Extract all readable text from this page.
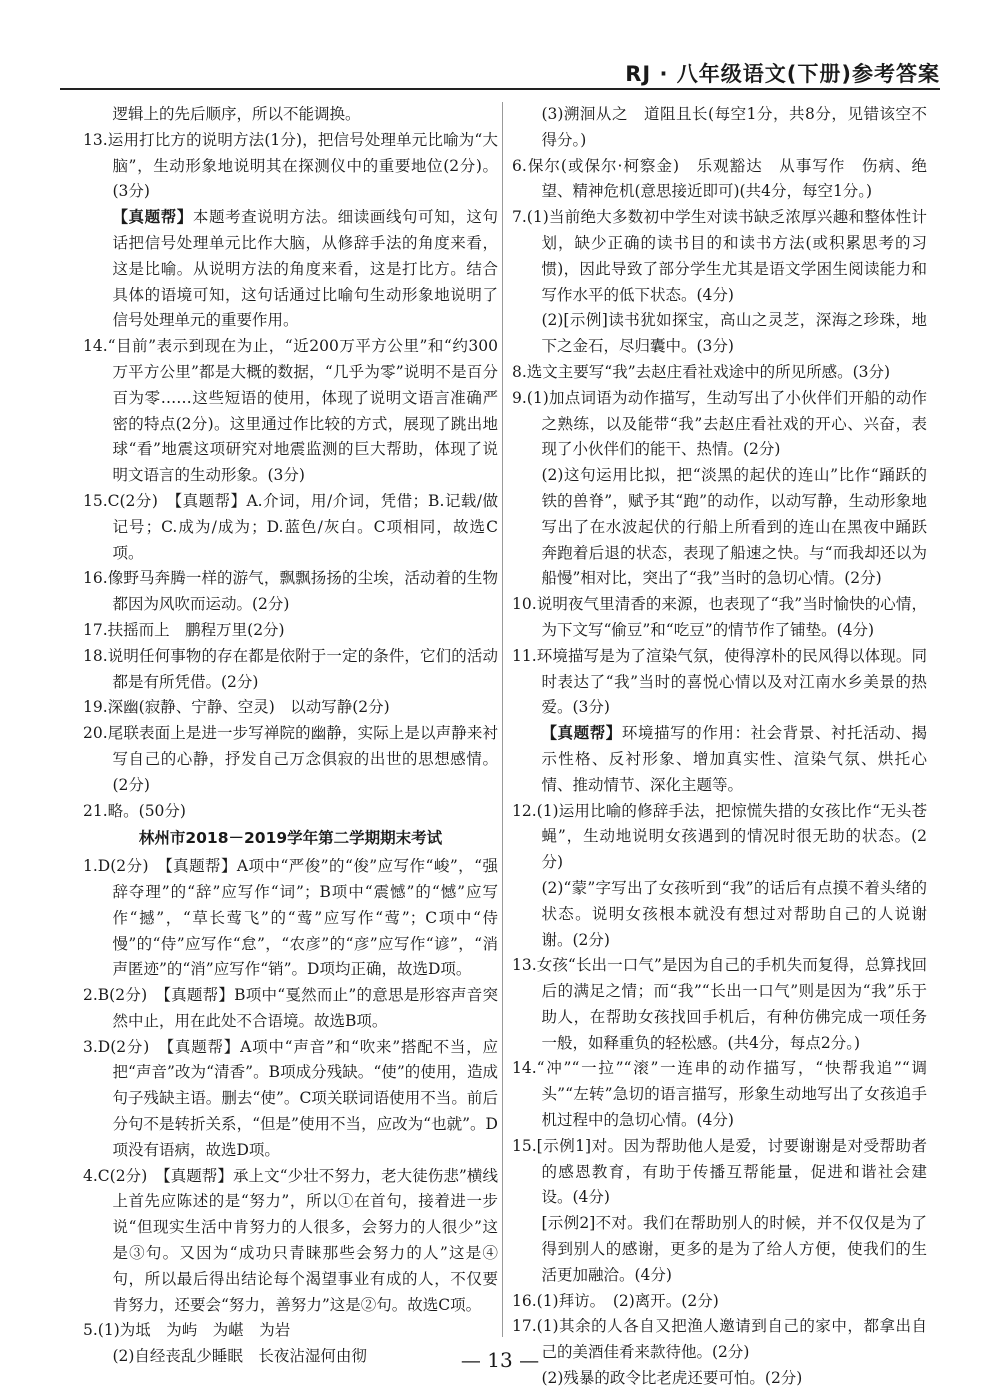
RJ · 八年级语文(下册)参考答案
逻辑上的先后顺序，所以不能调换。
13.运用打比方的说明方法(1分)，把信号处理单元比喻为“大脑”，生动形象地说明其在探测仪中的重要地位(2分)。(3分)
【真题帮】本题考查说明方法。细读画线句可知，这句话把信号处理单元比作大脑，从修辞手法的角度来看，这是比喻。从说明方法的角度来看，这是打比方。结合具体的语境可知，这句话通过比喻句生动形象地说明了信号处理单元的重要作用。
14.“目前”表示到现在为止，“近200万平方公里”和“约300万平方公里”都是大概的数据，“几乎为零”说明不是百分百为零……这些短语的使用，体现了说明文语言准确严密的特点(2分)。这里通过作比较的方式，展现了跳出地球“看”地震这项研究对地震监测的巨大帮助，体现了说明文语言的生动形象。(3分)
15.C(2分)　【真题帮】A.介词，用/介词，凭借；B.记载/做记号；C.成为/成为；D.蓝色/灰白。C项相同，故选C项。
16.像野马奔腾一样的游气，飘飘扬扬的尘埃，活动着的生物都因为风吹而运动。(2分)
17.扶摇而上　鹏程万里(2分)
18.说明任何事物的存在都是依附于一定的条件，它们的活动都是有所凭借。(2分)
19.深幽(寂静、宁静、空灵)　以动写静(2分)
20.尾联表面上是进一步写禅院的幽静，实际上是以声静来衬写自己的心静，抒发自己万念俱寂的出世的思想感情。(2分)
21.略。(50分)
林州市2018－2019学年第二学期期末考试
1.D(2分)　【真题帮】A项中“严俊”的“俊”应写作“峻”，“强辞夺理”的“辞”应写作“词”；B项中“震憾”的“憾”应写作“撼”，“草长莺飞”的“莺”应写作“莺”；C项中“侍慢”的“侍”应写作“怠”，“农彦”的“彦”应写作“谚”，“消声匿迹”的“消”应写作“销”。D项均正确，故选D项。
2.B(2分)　【真题帮】B项中“戛然而止”的意思是形容声音突然中止，用在此处不合语境。故选B项。
3.D(2分)　【真题帮】A项中“声音”和“吹来”搭配不当，应把“声音”改为“清香”。B项成分残缺。“使”的使用，造成句子残缺主语。删去“使”。C项关联词语使用不当。前后分句不是转折关系，“但是”使用不当，应改为“也就”。D项没有语病，故选D项。
4.C(2分)　【真题帮】承上文“少壮不努力，老大徒伤悲”横线上首先应陈述的是“努力”，所以①在首句，接着进一步说“但现实生活中肯努力的人很多，会努力的人很少”这是③句。又因为“成功只青睐那些会努力的人”这是④句，所以最后得出结论每个渴望事业有成的人，不仅要肯努力，还要会“努力，善努力”这是②句。故选C项。
5.(1)为坻　为屿　为嵁　为岩
(2)自经丧乱少睡眠　长夜沾湿何由彻
(3)溯洄从之　道阻且长(每空1分，共8分，见错该空不得分。)
6.保尔(或保尔·柯察金)　乐观豁达　从事写作　伤病、绝望、精神危机(意思接近即可)(共4分，每空1分。)
7.(1)当前绝大多数初中学生对读书缺乏浓厚兴趣和整体性计划，缺少正确的读书目的和读书方法(或积累思考的习惯)，因此导致了部分学生尤其是语文学困生阅读能力和写作水平的低下状态。(4分)
(2)[示例]读书犹如探宝，高山之灵芝，深海之珍珠，地下之金石，尽归囊中。(3分)
8.选文主要写“我”去赵庄看社戏途中的所见所感。(3分)
9.(1)加点词语为动作描写，生动写出了小伙伴们开船的动作之熟练，以及能带“我”去赵庄看社戏的开心、兴奋，表现了小伙伴们的能干、热情。(2分)
(2)这句运用比拟，把“淡黑的起伏的连山”比作“踊跃的铁的兽脊”，赋予其“跑”的动作，以动写静，生动形象地写出了在水波起伏的行船上所看到的连山在黑夜中踊跃奔跑着后退的状态，表现了船速之快。与“而我却还以为船慢”相对比，突出了“我”当时的急切心情。(2分)
10.说明夜气里清香的来源，也表现了“我”当时愉快的心情，为下文写“偷豆”和“吃豆”的情节作了铺垫。(4分)
11.环境描写是为了渲染气氛，使得淳朴的民风得以体现。同时表达了“我”当时的喜悦心情以及对江南水乡美景的热爱。(3分)
【真题帮】环境描写的作用：社会背景、衬托活动、揭示性格、反衬形象、增加真实性、渲染气氛、烘托心情、推动情节、深化主题等。
12.(1)运用比喻的修辞手法，把惊慌失措的女孩比作“无头苍蝇”，生动地说明女孩遇到的情况时很无助的状态。(2分)
(2)“蒙”字写出了女孩听到“我”的话后有点摸不着头绪的状态。说明女孩根本就没有想过对帮助自己的人说谢谢。(2分)
13.女孩“长出一口气”是因为自己的手机失而复得，总算找回后的满足之情；而“我”“长出一口气”则是因为“我”乐于助人，在帮助女孩找回手机后，有种仿佛完成一项任务一般，如释重负的轻松感。(共4分，每点2分。)
14.“冲”“一拉”“滚”一连串的动作描写，“快帮我追”“调头”“左转”急切的语言描写，形象生动地写出了女孩追手机过程中的急切心情。(4分)
15.[示例1]对。因为帮助他人是爱，讨要谢谢是对受帮助者的感恩教育，有助于传播互帮能量，促进和谐社会建设。(4分)
[示例2]不对。我们在帮助别人的时候，并不仅仅是为了得到别人的感谢，更多的是为了给人方便，使我们的生活更加融洽。(4分)
16.(1)拜访。　(2)离开。(2分)
17.(1)其余的人各自又把渔人邀请到自己的家中，都拿出自己的美酒佳肴来款待他。(2分)
(2)残暴的政令比老虎还要可怕。(2分)
— 13 —
